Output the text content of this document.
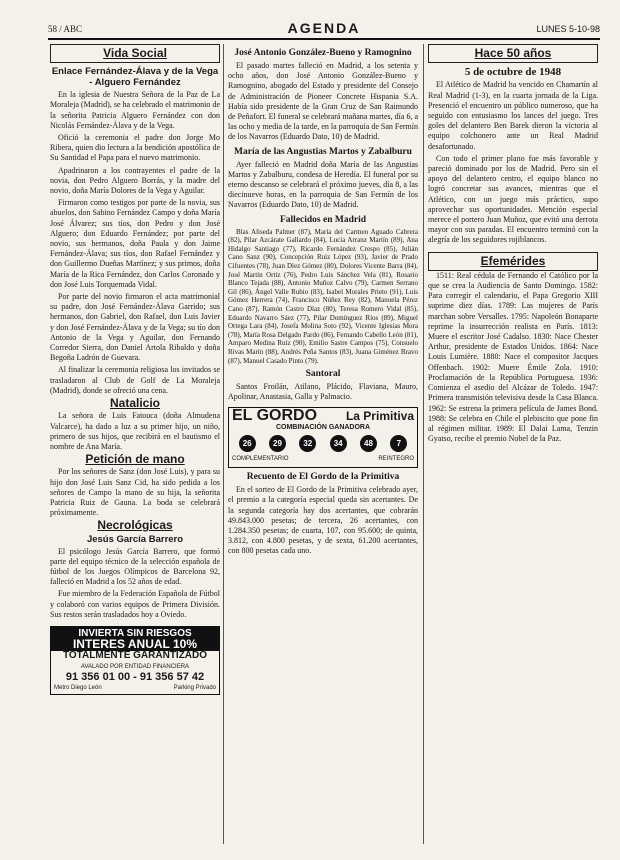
58 / ABC	AGENDA	LUNES 5-10-98
Vida Social
Enlace Fernández-Álava y de la Vega - Alguero Fernández

En la iglesia de Nuestra Señora de la Paz de La Moraleja (Madrid), se ha celebrado el matrimonio de la señorita Patricia Alguero Fernández con don Nicolás Fernández-Álava y de la Vega.

Ofició la ceremonia el padre don Jorge Mo Ribera, quien dio lectura a la bendición apostólica de Su Santidad el Papa para el nuevo matrimonio.

Apadrinaron a los contrayentes el padre de la novia, don Pedro Alguero Borrás, y la madre del novio, doña María Dolores de la Vega y Aguilar.

Firmaron como testigos por parte de la novia, sus abuelos, don Sabino Fernández Campo y doña María José Álvarez; sus tíos, don Pedro y don José Alguero; don Eduardo Fernández; por parte del novio, sus hermanos, doña Paula y don Jaime Fernández-Álava; sus tíos, don Rafael Fernández y don Guillermo Dueñas Martínez; y sus primos, doña María de la Rica Fernández, don Carlos Coronado y don José Luis Torquemada Vidal.

Por parte del novio firmaron el acta matrimonial su padre, don José Fernández-Álava Garrido; sus hermanos, don Gabriel, don Rafael, don Luis Javier y don José Fernández-Álava y de la Vega; su tío don Antonio de la Vega y Aguilar, don Fernando Corredor Sierra, don Daniel Artola Ribaldo y doña Begoña Ladrón de Guevara.

Al finalizar la ceremonia religiosa los invitados se trasladaron al Club de Golf de La Moraleja (Madrid), donde se ofreció una cena.

Natalicio

La señora de Luis Fatouca (doña Almudena Valcarce), ha dado a luz a su primer hijo, un niño, primero de sus hijos, que recibirá en el bautismo el nombre de Ana María.

Petición de mano

Por los señores de Sanz (don José Luis), y para su hijo don José Luis Sanz Cid, ha sido pedida a los señores de Campo la mano de su hija, la señorita Patricia Ruiz de Gauna. La boda se celebrará próximamente.

Necrológicas
Jesús García Barrero

El psicólogo Jesús García Barrero, que formó parte del equipo técnico de la selección española de fútbol de los Juegos Olímpicos de Barcelona 92, falleció en Madrid a los 52 años de edad.

Fue miembro de la Federación Española de Fútbol y colaboró con varios equipos de Primera División. Sus restos serán trasladados hoy a Oviedo.

INVIERTA SIN RIESGOS
INTERES ANUAL 10%
TOTALMENTE GARANTIZADO
AVALADO POR ENTIDAD FINANCIERA
91 356 01 00 - 91 356 57 42
Metro Diego León	Parking Privado
José Antonio González-Bueno y Ramognino

El pasado martes falleció en Madrid, a los setenta y ocho años, don José Antonio González-Bueno y Ramognino, abogado del Estado y presidente del Consejo de Administración de Pioneer Concrete Hispania S.A. Había sido presidente de la Gran Cruz de San Raimundo de Peñafort. El funeral se celebrará mañana martes, día 6, a las ocho y media de la tarde, en la parroquia de San Fermín de los Navarros (Eduardo Dato, 10) de Madrid.

María de las Angustias Martos y Zabalburu

Ayer falleció en Madrid doña María de las Angustias Martos y Zabalburu, condesa de Heredia. El funeral por su eterno descanso se celebrará el próximo jueves, día 8, a las diecinueve horas, en la parroquia de San Fermín de los Navarros (Eduardo Dato, 10) de Madrid.

Fallecidos en Madrid

Blas Aliseda Palmer (87), María del Carmen Aguado Cabrera (82), Pilar Azcárate Gallardo (84), Lucía Arranz Martín (89), Ana Hidalgo Santiago (77), Ricardo Fernández Crespo (85), Julián Cano Sanz (90), Concepción Ruiz López (93), Javier de Prado Cifuentes (78), Juan Díez Gómez (80), Dolores Vicente Barra (84), José Martín Ortiz (76), Pedro Luis Sánchez Vela (81), Rosario Blanco Tejada (88), Antonio Muñoz Calvo (79), Carmen Serrano Gil (86), Ángel Valle Rubio (83), Isabel Morales Prieto (91), Luis Gómez Herrera (74), Francisco Núñez Rey (82), Manuela Pérez Cano (87), Ramón Castro Díaz (80), Teresa Romero Vidal (85), Eduardo Navarro Sáez (77), Pilar Domínguez Ríos (89), Miguel Ortega Lara (84), Josefa Molina Soto (92), Vicente Iglesias Mora (78), María Rosa Delgado Pardo (86), Fernando Cabello León (81), Amparo Medina Ruiz (90), Emilio Sastre Campos (75), Consuelo Rivas Marín (88), Andrés Peña Santos (83), Juana Giménez Bravo (87), Manuel Casado Pinto (79).

Santoral

Santos Froilán, Atilano, Plácido, Flaviana, Mauro, Apolinar, Anastasia, Galla y Palmacio.

EL GORDO La Primitiva
COMBINACIÓN GANADORA
26	29	32	34	48	7
COMPLEMENTARIO	REINTEGRO
Recuento de El Gordo de la Primitiva

En el sorteo de El Gordo de la Primitiva celebrado ayer, el premio a la categoría especial queda sin acertantes. De la segunda categoría hay dos acertantes, que cobrarán 49.843.000 pesetas; de tercera, 26 acertantes, con 1.284.350 pesetas; de cuarta, 107, con 95.600; de quinta, 3.812, con 4.800 pesetas, y de sexta, 61.200 acertantes, con 800 pesetas cada uno.

Hace 50 años
5 de octubre de 1948

El Atlético de Madrid ha vencido en Chamartín al Real Madrid (1-3), en la cuarta jornada de la Liga. Presenció el encuentro un público numeroso, que ha seguido con entusiasmo los lances del juego. Tres goles del delantero Ben Barek dieron la victoria al equipo colchonero ante un Real Madrid desafortunado.

Con todo el primer plano fue más favorable y pareció dominado por los de Madrid. Pero sin el apoyo del delantero centro, el equipo blanco no logró concretar sus avances, mientras que el Atlético, con un juego más práctico, supo aprovechar sus oportunidades. Mención especial merece el portero Juan Muñoz, que evitó una derrota mayor con sus paradas. El encuentro terminó con la alegría de los seguidores rojiblancos.

Efemérides

1511: Real cédula de Fernando el Católico por la que se crea la Audiencia de Santo Domingo. 1582: Para corregir el calendario, el Papa Gregorio XIII suprime diez días. 1789: Las mujeres de París marchan sobre Versalles. 1795: Napoleón Bonaparte reprime la insurrección realista en París. 1813: Muere el escritor José Cadalso. 1830: Nace Chester Arthur, presidente de Estados Unidos. 1864: Nace Louis Lumière. 1880: Nace el compositor Jacques Offenbach. 1902: Muere Émile Zola. 1910: Proclamación de la República Portuguesa. 1936: Comienza el asedio del Alcázar de Toledo. 1947: Primera transmisión televisiva desde la Casa Blanca. 1962: Se estrena la primera película de James Bond. 1988: Se celebra en Chile el plebiscito que pone fin al régimen militar. 1989: El Dalai Lama, Tenzin Gyatso, recibe el premio Nobel de la Paz.
